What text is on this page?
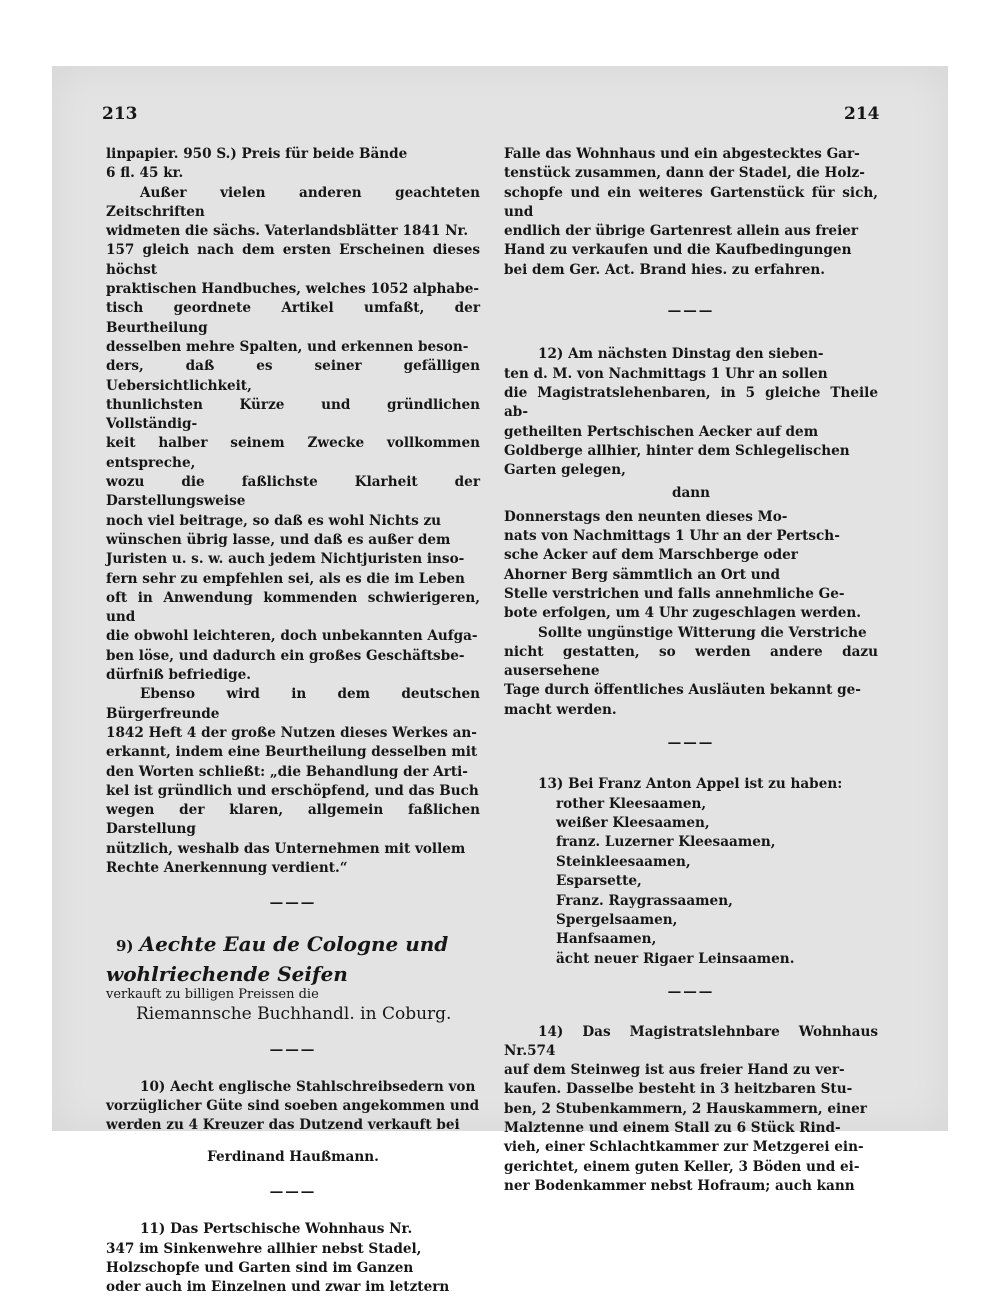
213	214

linpapier. 950 S.) Preis für beide Bände

6 fl. 45 kr.

Außer vielen anderen geachteten Zeitschriften

widmeten die sächs. Vaterlandsblätter 1841 Nr.

157 gleich nach dem ersten Erscheinen dieses höchst

praktischen Handbuches, welches 1052 alphabe-

tisch geordnete Artikel umfaßt, der Beurtheilung

desselben mehre Spalten, und erkennen beson-

ders, daß es seiner gefälligen Uebersichtlichkeit,

thunlichsten Kürze und gründlichen Vollständig-

keit halber seinem Zwecke vollkommen entspreche,

wozu die faßlichste Klarheit der Darstellungsweise

noch viel beitrage, so daß es wohl Nichts zu

wünschen übrig lasse, und daß es außer dem

Juristen u. s. w. auch jedem Nichtjuristen inso-

fern sehr zu empfehlen sei, als es die im Leben

oft in Anwendung kommenden schwierigeren, und

die obwohl leichteren, doch unbekannten Aufga-

ben löse, und dadurch ein großes Geschäftsbe-

dürfniß befriedige.

Ebenso wird in dem deutschen Bürgerfreunde

1842 Heft 4 der große Nutzen dieses Werkes an-

erkannt, indem eine Beurtheilung desselben mit

den Worten schließt: „die Behandlung der Arti-

kel ist gründlich und erschöpfend, und das Buch

wegen der klaren, allgemein faßlichen Darstellung

nützlich, weshalb das Unternehmen mit vollem

Rechte Anerkennung verdient.“

———
9) Aechte Eau de Cologne und
wohlriechende Seifen
verkauft zu billigen Preissen die
Riemannsche Buchhandl. in Coburg.
———

10) Aecht englische Stahlschreibsedern von

vorzüglicher Güte sind soeben angekommen und

werden zu 4 Kreuzer das Dutzend verkauft bei

Ferdinand Haußmann.
———

11) Das Pertschische Wohnhaus Nr.

347 im Sinkenwehre allhier nebst Stadel,

Holzschopfe und Garten sind im Ganzen

oder auch im Einzelnen und zwar im letztern

Falle das Wohnhaus und ein abgestecktes Gar-

tenstück zusammen, dann der Stadel, die Holz-

schopfe und ein weiteres Gartenstück für sich, und

endlich der übrige Gartenrest allein aus freier

Hand zu verkaufen und die Kaufbedingungen

bei dem Ger. Act. Brand hies. zu erfahren.

———

12) Am nächsten Dinstag den sieben-

ten d. M. von Nachmittags 1 Uhr an sollen

die Magistratslehenbaren, in 5 gleiche Theile ab-

getheilten Pertschischen Aecker auf dem

Goldberge allhier, hinter dem Schlegelischen

Garten gelegen,

dann

Donnerstags den neunten dieses Mo-

nats von Nachmittags 1 Uhr an der Pertsch-

sche Acker auf dem Marschberge oder

Ahorner Berg sämmtlich an Ort und

Stelle verstrichen und falls annehmliche Ge-

bote erfolgen, um 4 Uhr zugeschlagen werden.

Sollte ungünstige Witterung die Verstriche

nicht gestatten, so werden andere dazu ausersehene

Tage durch öffentliches Ausläuten bekannt ge-

macht werden.

———

13) Bei Franz Anton Appel ist zu haben:

rother Kleesaamen,
weißer Kleesaamen,
franz. Luzerner Kleesaamen,
Steinkleesaamen,
Esparsette,
Franz. Raygrassaamen,
Spergelsaamen,
Hanfsaamen,
ächt neuer Rigaer Leinsaamen.
———

14) Das Magistratslehnbare Wohnhaus Nr.574

auf dem Steinweg ist aus freier Hand zu ver-

kaufen. Dasselbe besteht in 3 heitzbaren Stu-

ben, 2 Stubenkammern, 2 Hauskammern, einer

Malztenne und einem Stall zu 6 Stück Rind-

vieh, einer Schlachtkammer zur Metzgerei ein-

gerichtet, einem guten Keller, 3 Böden und ei-

ner Bodenkammer nebst Hofraum; auch kann
